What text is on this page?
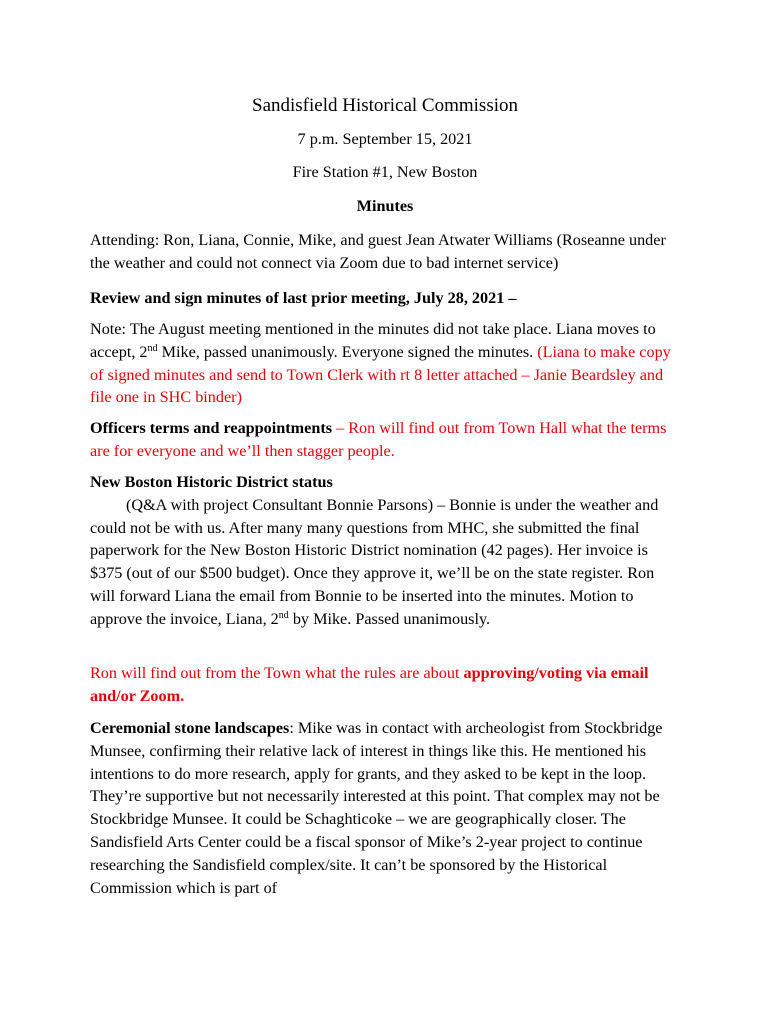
Sandisfield Historical Commission
7 p.m. September 15, 2021
Fire Station #1, New Boston
Minutes
Attending: Ron, Liana, Connie, Mike, and guest Jean Atwater Williams (Roseanne under the weather and could not connect via Zoom due to bad internet service)
Review and sign minutes of last prior meeting, July 28, 2021 –
Note: The August meeting mentioned in the minutes did not take place. Liana moves to accept, 2nd Mike, passed unanimously. Everyone signed the minutes. (Liana to make copy of signed minutes and send to Town Clerk with rt 8 letter attached – Janie Beardsley and file one in SHC binder)
Officers terms and reappointments – Ron will find out from Town Hall what the terms are for everyone and we’ll then stagger people.
New Boston Historic District status
(Q&A with project Consultant Bonnie Parsons) – Bonnie is under the weather and could not be with us. After many many questions from MHC, she submitted the final paperwork for the New Boston Historic District nomination (42 pages). Her invoice is $375 (out of our $500 budget). Once they approve it, we’ll be on the state register. Ron will forward Liana the email from Bonnie to be inserted into the minutes. Motion to approve the invoice, Liana, 2nd by Mike. Passed unanimously.
Ron will find out from the Town what the rules are about approving/voting via email and/or Zoom.
Ceremonial stone landscapes: Mike was in contact with archeologist from Stockbridge Munsee, confirming their relative lack of interest in things like this. He mentioned his intentions to do more research, apply for grants, and they asked to be kept in the loop. They’re supportive but not necessarily interested at this point. That complex may not be Stockbridge Munsee. It could be Schaghticoke – we are geographically closer. The Sandisfield Arts Center could be a fiscal sponsor of Mike’s 2-year project to continue researching the Sandisfield complex/site. It can’t be sponsored by the Historical Commission which is part of
